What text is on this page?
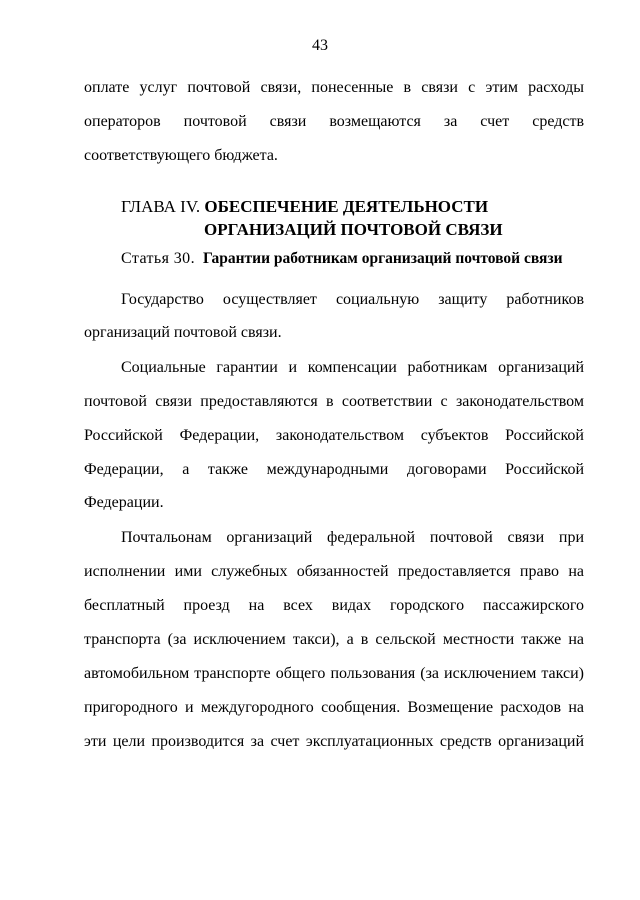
43
оплате услуг почтовой связи, понесенные в связи с этим расходы
операторов почтовой связи возмещаются за счет средств
соответствующего бюджета.
ГЛАВА IV. ОБЕСПЕЧЕНИЕ ДЕЯТЕЛЬНОСТИ
ОРГАНИЗАЦИЙ ПОЧТОВОЙ СВЯЗИ
Статья 30. Гарантии работникам организаций почтовой связи
Государство осуществляет социальную защиту работников
организаций почтовой связи.
Социальные гарантии и компенсации работникам организаций
почтовой связи предоставляются в соответствии с законодательством
Российской Федерации, законодательством субъектов Российской
Федерации, а также международными договорами Российской
Федерации.
Почтальонам организаций федеральной почтовой связи при
исполнении ими служебных обязанностей предоставляется право на
бесплатный проезд на всех видах городского пассажирского
транспорта (за исключением такси), а в сельской местности также на
автомобильном транспорте общего пользования (за исключением такси)
пригородного и междугородного сообщения. Возмещение расходов на
эти цели производится за счет эксплуатационных средств организаций
